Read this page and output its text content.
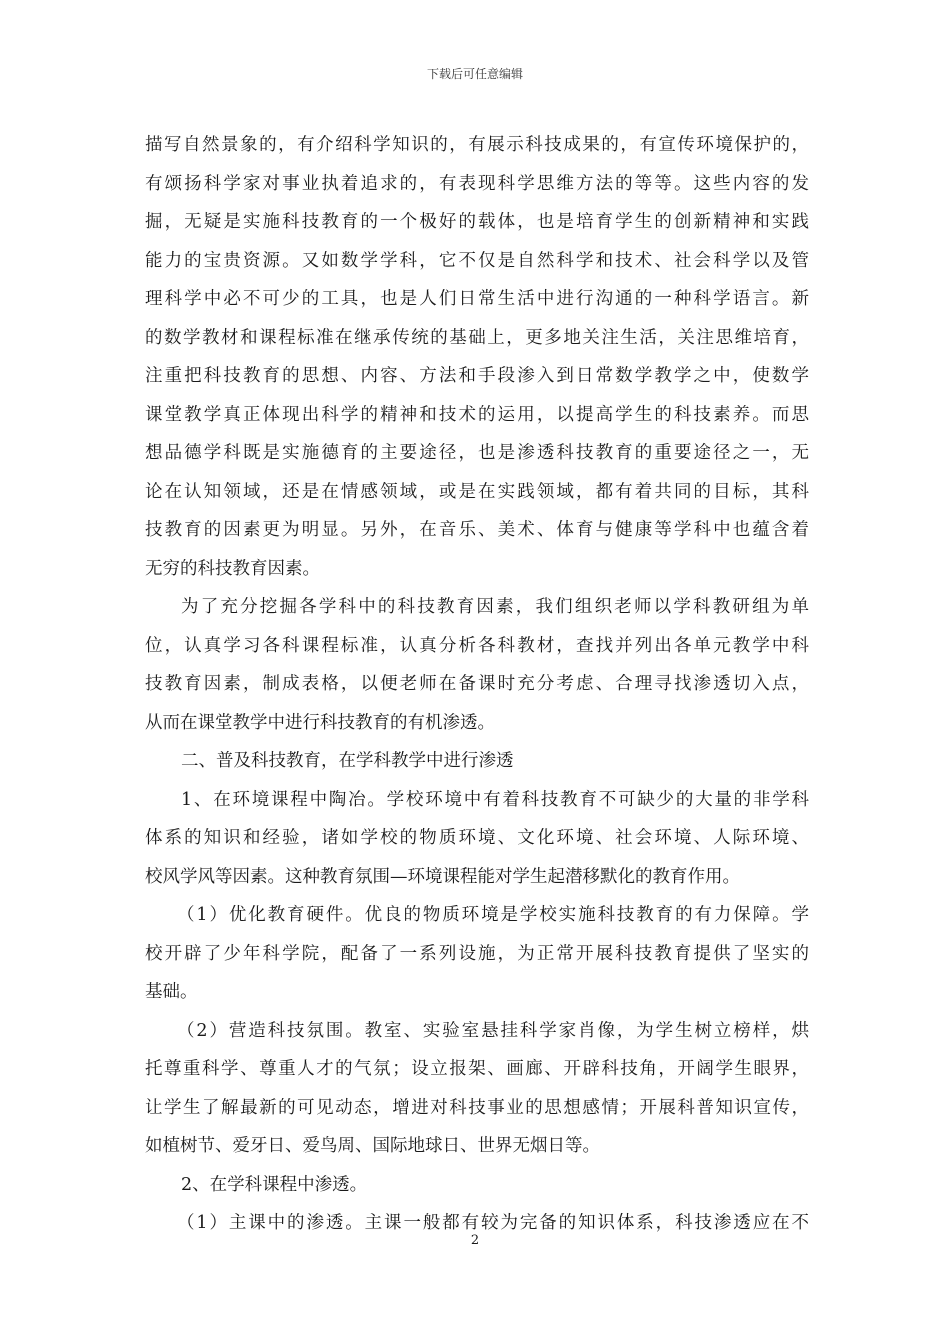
下载后可任意编辑
描写自然景象的，有介绍科学知识的，有展示科技成果的，有宣传环境保护的，
有颂扬科学家对事业执着追求的，有表现科学思维方法的等等。这些内容的发
掘，无疑是实施科技教育的一个极好的载体，也是培育学生的创新精神和实践
能力的宝贵资源。又如数学学科，它不仅是自然科学和技术、社会科学以及管
理科学中必不可少的工具，也是人们日常生活中进行沟通的一种科学语言。新
的数学教材和课程标准在继承传统的基础上，更多地关注生活，关注思维培育，
注重把科技教育的思想、内容、方法和手段渗入到日常数学教学之中，使数学
课堂教学真正体现出科学的精神和技术的运用，以提高学生的科技素养。而思
想品德学科既是实施德育的主要途径，也是渗透科技教育的重要途径之一，无
论在认知领域，还是在情感领域，或是在实践领域，都有着共同的目标，其科
技教育的因素更为明显。另外，在音乐、美术、体育与健康等学科中也蕴含着
无穷的科技教育因素。
为了充分挖掘各学科中的科技教育因素，我们组织老师以学科教研组为单
位，认真学习各科课程标准，认真分析各科教材，查找并列出各单元教学中科
技教育因素，制成表格，以便老师在备课时充分考虑、合理寻找渗透切入点，
从而在课堂教学中进行科技教育的有机渗透。
二、普及科技教育，在学科教学中进行渗透
1、在环境课程中陶冶。学校环境中有着科技教育不可缺少的大量的非学科
体系的知识和经验，诸如学校的物质环境、文化环境、社会环境、人际环境、
校风学风等因素。这种教育氛围—环境课程能对学生起潜移默化的教育作用。
（1）优化教育硬件。优良的物质环境是学校实施科技教育的有力保障。学
校开辟了少年科学院，配备了一系列设施，为正常开展科技教育提供了坚实的
基础。
（2）营造科技氛围。教室、实验室悬挂科学家肖像，为学生树立榜样，烘
托尊重科学、尊重人才的气氛；设立报架、画廊、开辟科技角，开阔学生眼界，
让学生了解最新的可见动态，增进对科技事业的思想感情；开展科普知识宣传，
如植树节、爱牙日、爱鸟周、国际地球日、世界无烟日等。
2、在学科课程中渗透。
（1）主课中的渗透。主课一般都有较为完备的知识体系，科技渗透应在不
2
